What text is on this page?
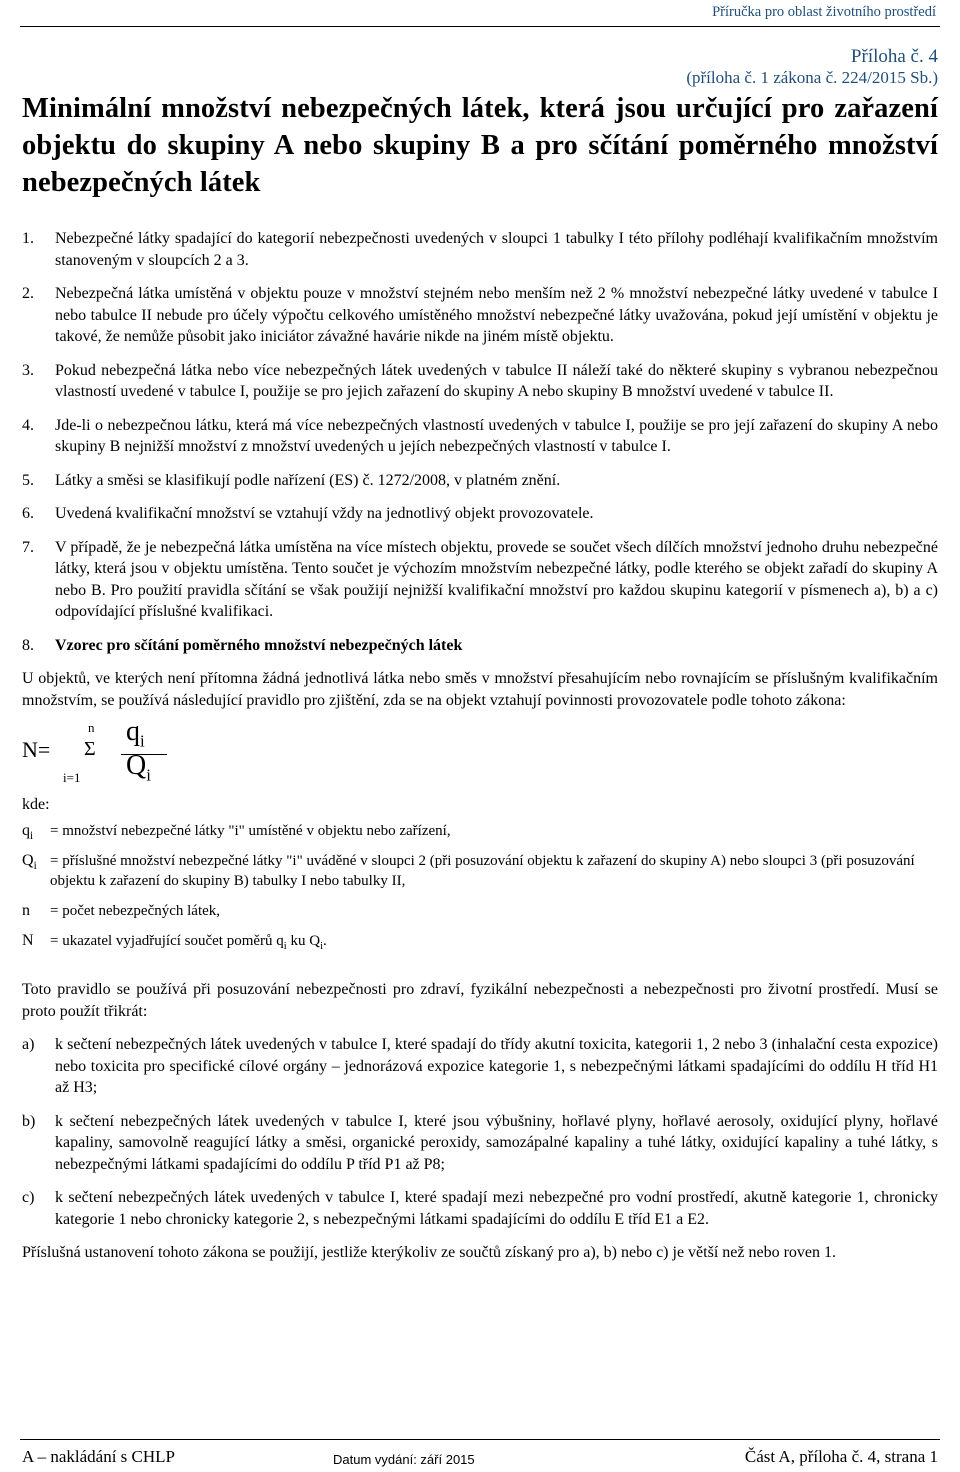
Příručka pro oblast životního prostředí
Příloha č. 4
(příloha č. 1 zákona č. 224/2015 Sb.)
Minimální množství nebezpečných látek, která jsou určující pro zařazení objektu do skupiny A nebo skupiny B a pro sčítání poměrného množství nebezpečných látek
1. Nebezpečné látky spadající do kategorií nebezpečnosti uvedených v sloupci 1 tabulky I této přílohy podléhají kvalifikačním množstvím stanoveným v sloupcích 2 a 3.
2. Nebezpečná látka umístěná v objektu pouze v množství stejném nebo menším než 2 % množství nebezpečné látky uvedené v tabulce I nebo tabulce II nebude pro účely výpočtu celkového umístěného množství nebezpečné látky uvažována, pokud její umístění v objektu je takové, že nemůže působit jako iniciátor závažné havárie nikde na jiném místě objektu.
3. Pokud nebezpečná látka nebo více nebezpečných látek uvedených v tabulce II náleží také do některé skupiny s vybranou nebezpečnou vlastností uvedené v tabulce I, použije se pro jejich zařazení do skupiny A nebo skupiny B množství uvedené v tabulce II.
4. Jde-li o nebezpečnou látku, která má více nebezpečných vlastností uvedených v tabulce I, použije se pro její zařazení do skupiny A nebo skupiny B nejnižší množství z množství uvedených u jejích nebezpečných vlastností v tabulce I.
5. Látky a směsi se klasifikují podle nařízení (ES) č. 1272/2008, v platném znění.
6. Uvedená kvalifikační množství se vztahují vždy na jednotlivý objekt provozovatele.
7. V případě, že je nebezpečná látka umístěna na více místech objektu, provede se součet všech dílčích množství jednoho druhu nebezpečné látky, která jsou v objektu umístěna. Tento součet je výchozím množstvím nebezpečné látky, podle kterého se objekt zařadí do skupiny A nebo B. Pro použití pravidla sčítání se však použijí nejnižší kvalifikační množství pro každou skupinu kategorií v písmenech a), b) a c) odpovídající příslušné kvalifikaci.
8. Vzorec pro sčítání poměrného množství nebezpečných látek

U objektů, ve kterých není přítomna žádná jednotlivá látka nebo směs v množství přesahujícím nebo rovnajícím se příslušným kvalifikačním množstvím, se používá následující pravidlo pro zjištění, zda se na objekt vztahují povinnosti provozovatele podle tohoto zákona:

N=
n
Σ
i=1
$q_i$
$Q_i$
kde:
$q_i$ = množství nebezpečné látky "i" umístěné v objektu nebo zařízení,
$Q_i$ = příslušné množství nebezpečné látky "i" uváděné v sloupci 2 (při posuzování objektu k zařazení do skupiny A) nebo sloupci 3 (při posuzování objektu k zařazení do skupiny B) tabulky I nebo tabulky II,
n = počet nebezpečných látek,
N = ukazatel vyjadřující součet poměrů $q_i$ ku $Q_i$.

Toto pravidlo se používá při posuzování nebezpečnosti pro zdraví, fyzikální nebezpečnosti a nebezpečnosti pro životní prostředí. Musí se proto použít třikrát:

a) k sečtení nebezpečných látek uvedených v tabulce I, které spadají do třídy akutní toxicita, kategorii 1, 2 nebo 3 (inhalační cesta expozice) nebo toxicita pro specifické cílové orgány – jednorázová expozice kategorie 1, s nebezpečnými látkami spadajícími do oddílu H tříd H1 až H3;
b) k sečtení nebezpečných látek uvedených v tabulce I, které jsou výbušniny, hořlavé plyny, hořlavé aerosoly, oxidující plyny, hořlavé kapaliny, samovolně reagující látky a směsi, organické peroxidy, samozápalné kapaliny a tuhé látky, oxidující kapaliny a tuhé látky, s nebezpečnými látkami spadajícími do oddílu P tříd P1 až P8;
c) k sečtení nebezpečných látek uvedených v tabulce I, které spadají mezi nebezpečné pro vodní prostředí, akutně kategorie 1, chronicky kategorie 1 nebo chronicky kategorie 2, s nebezpečnými látkami spadajícími do oddílu E tříd E1 a E2.

Příslušná ustanovení tohoto zákona se použijí, jestliže kterýkoliv ze součtů získaný pro a), b) nebo c) je větší než nebo roven 1.

A – nakládání s CHLP	Datum vydání: září 2015	Část A, příloha č. 4, strana 1
